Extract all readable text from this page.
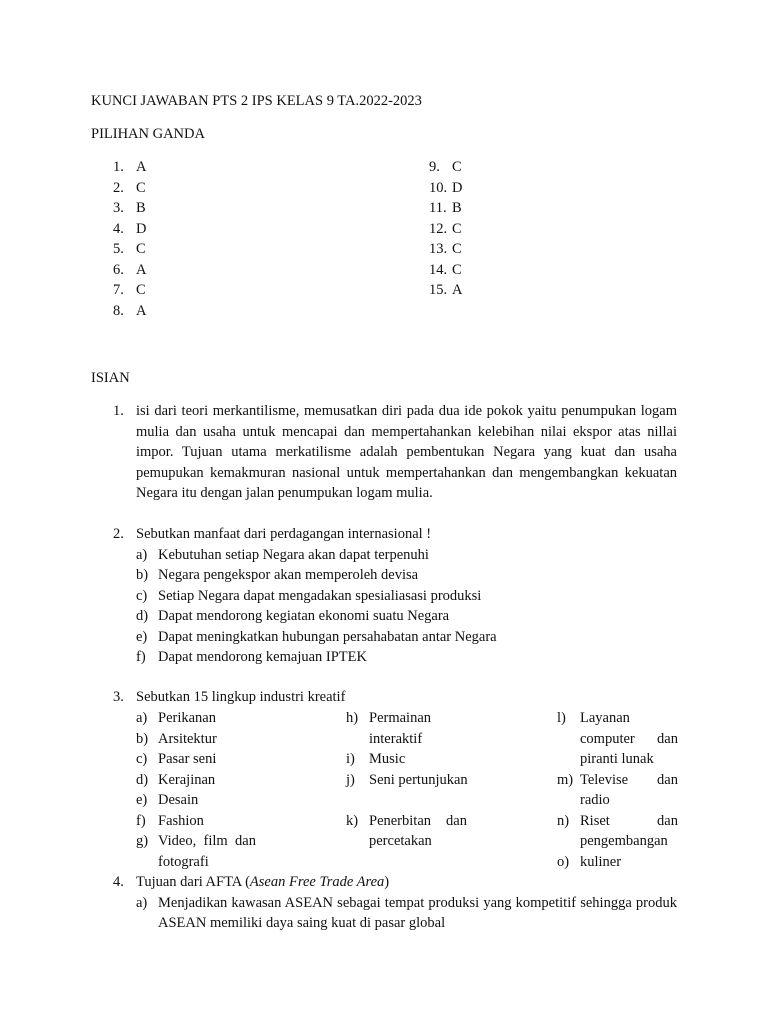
KUNCI JAWABAN PTS 2 IPS KELAS 9 TA.2022-2023
PILIHAN GANDA
1. A
2. C
3. B
4. D
5. C
6. A
7. C
8. A
9. C
10. D
11. B
12. C
13. C
14. C
15. A
ISIAN
1. isi dari teori merkantilisme, memusatkan diri pada dua ide pokok yaitu penumpukan logam mulia dan usaha untuk mencapai dan mempertahankan kelebihan nilai ekspor atas nillai impor. Tujuan utama merkatilisme adalah pembentukan Negara yang kuat dan usaha pemupukan kemakmuran nasional untuk mempertahankan dan mengembangkan kekuatan Negara itu dengan jalan penumpukan logam mulia.
2. Sebutkan manfaat dari perdagangan internasional !
a) Kebutuhan setiap Negara akan dapat terpenuhi
b) Negara pengekspor akan memperoleh devisa
c) Setiap Negara dapat mengadakan spesialiasasi produksi
d) Dapat mendorong kegiatan ekonomi suatu Negara
e) Dapat meningkatkan hubungan persahabatan antar Negara
f) Dapat mendorong kemajuan IPTEK
3. Sebutkan 15 lingkup industri kreatif
a) Perikanan
b) Arsitektur
c) Pasar seni
d) Kerajinan
e) Desain
f) Fashion
g) Video, film dan fotografi
h) Permainan interaktif
i) Music
j) Seni pertunjukan
k) Penerbitan dan percetakan
l) Layanan computer dan piranti lunak
m) Televise dan radio
n) Riset dan pengembangan
o) kuliner
4. Tujuan dari AFTA (Asean Free Trade Area)
a) Menjadikan kawasan ASEAN sebagai tempat produksi yang kompetitif sehingga produk ASEAN memiliki daya saing kuat di pasar global
